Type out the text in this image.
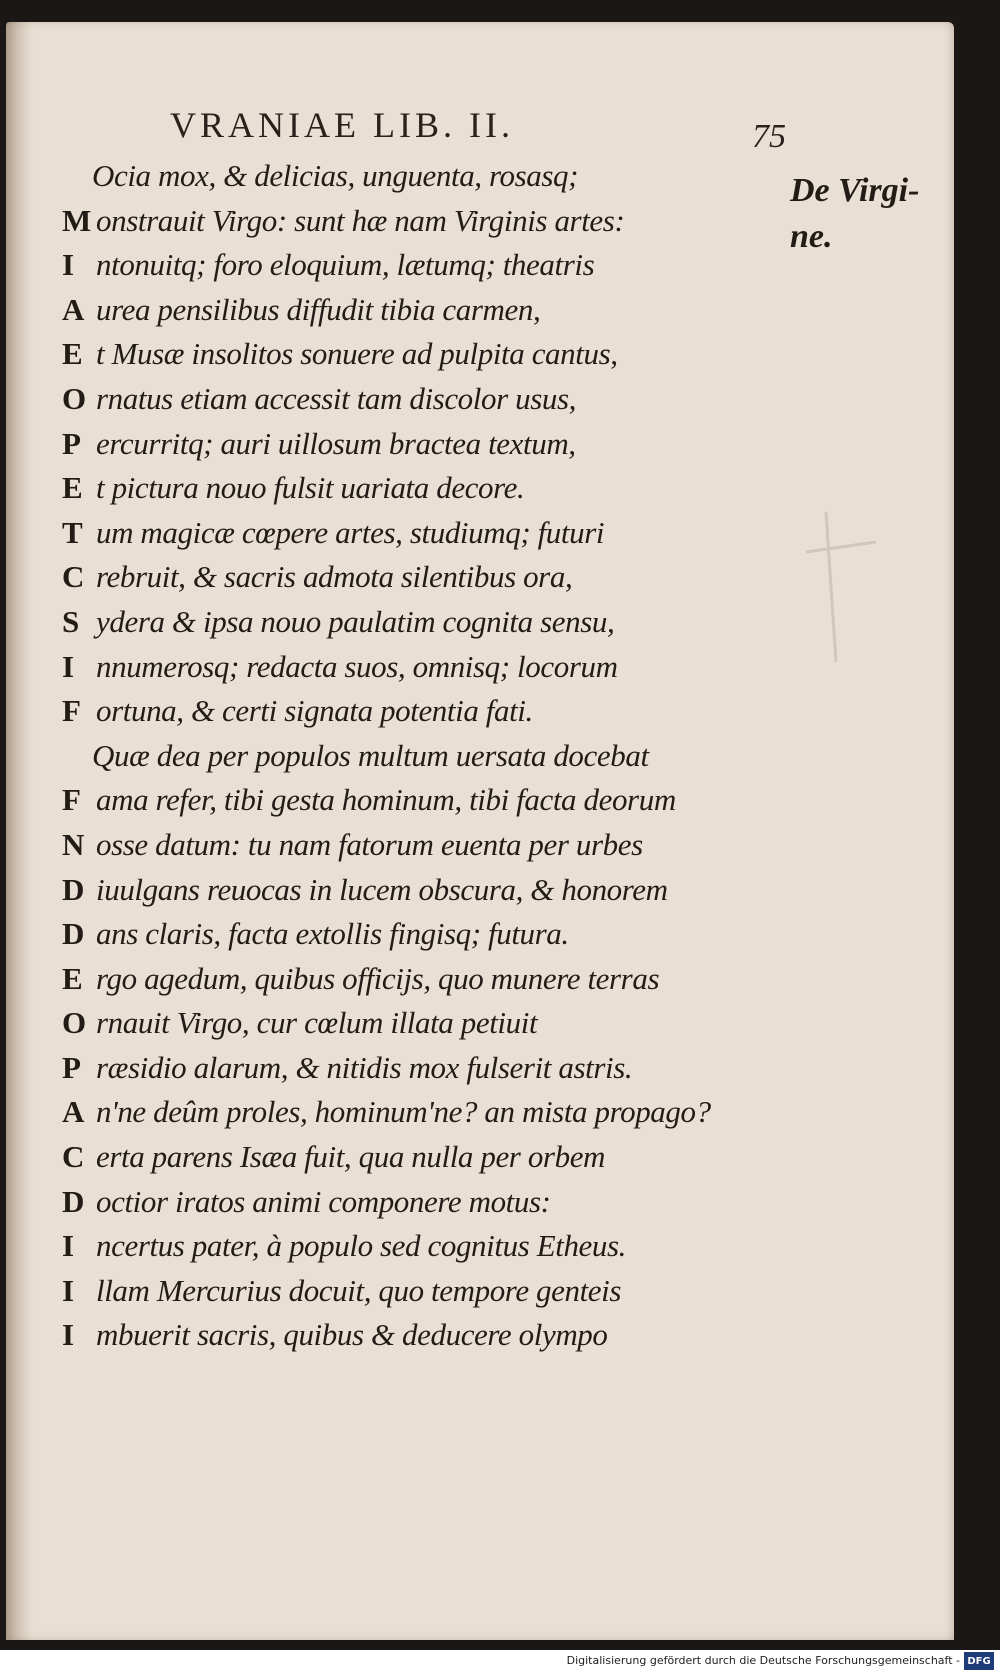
VRANIAE LIB. II.	75
De Virgi-
ne.
Ocia mox, & delicias, unguenta, rosasq;
M onstrauit Virgo: sunt hæ nam Virginis artes:
I ntonuitq; foro eloquium, lætumq; theatris
A urea pensilibus diffudit tibia carmen,
E t Musæ insolitos sonuere ad pulpita cantus,
O rnatus etiam accessit tam discolor usus,
P ercurritq; auri uillosum bractea textum,
E t pictura nouo fulsit uariata decore.
T um magicæ cœpere artes, studiumq; futuri
C rebruit, & sacris admota silentibus ora,
S ydera & ipsa nouo paulatim cognita sensu,
I nnumerosq; redacta suos, omnisq; locorum
F ortuna, & certi signata potentia fati.
Quæ dea per populos multum uersata docebat
F ama refer, tibi gesta hominum, tibi facta deorum
N osse datum: tu nam fatorum euenta per urbes
D iuulgans reuocas in lucem obscura, & honorem
D ans claris, facta extollis fingisq; futura.
E rgo agedum, quibus officijs, quo munere terras
O rnauit Virgo, cur cœlum illata petiuit
P ræsidio alarum, & nitidis mox fulserit astris.
A n'ne deûm proles, hominum'ne? an mista propago?
C erta parens Isæa fuit, qua nulla per orbem
D octior iratos animi componere motus:
I ncertus pater, à populo sed cognitus Etheus.
I llam Mercurius docuit, quo tempore genteis
I mbuerit sacris, quibus & deducere olympo
Digitalisierung gefördert durch die Deutsche Forschungsgemeinschaft - DFG
